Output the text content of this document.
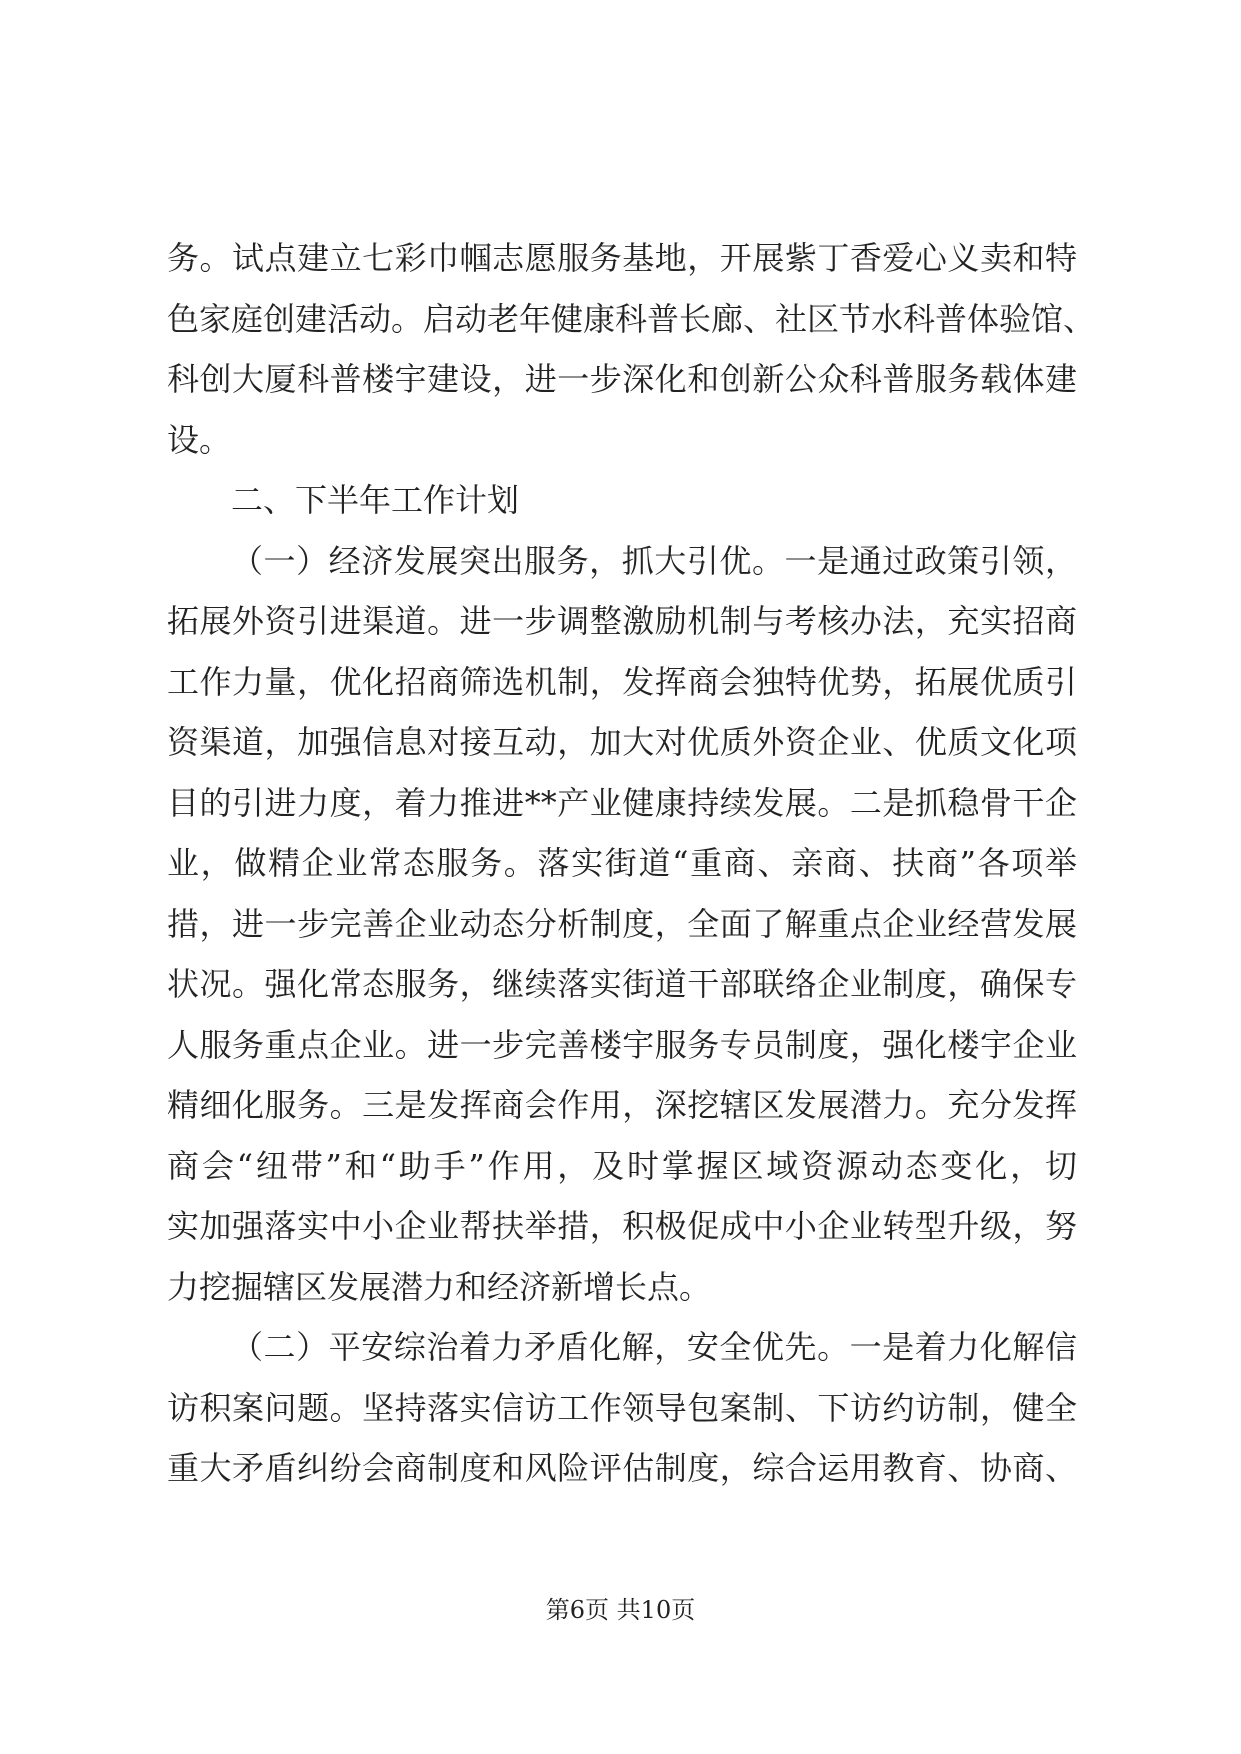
务。试点建立七彩巾帼志愿服务基地，开展紫丁香爱心义卖和特
色家庭创建活动。启动老年健康科普长廊、社区节水科普体验馆、
科创大厦科普楼宇建设，进一步深化和创新公众科普服务载体建
设。
二、下半年工作计划
（一）经济发展突出服务，抓大引优。一是通过政策引领，
拓展外资引进渠道。进一步调整激励机制与考核办法，充实招商
工作力量，优化招商筛选机制，发挥商会独特优势，拓展优质引
资渠道，加强信息对接互动，加大对优质外资企业、优质文化项
目的引进力度，着力推进**产业健康持续发展。二是抓稳骨干企
业，做精企业常态服务。落实街道“重商、亲商、扶商”各项举
措，进一步完善企业动态分析制度，全面了解重点企业经营发展
状况。强化常态服务，继续落实街道干部联络企业制度，确保专
人服务重点企业。进一步完善楼宇服务专员制度，强化楼宇企业
精细化服务。三是发挥商会作用，深挖辖区发展潜力。充分发挥
商会“纽带”和“助手”作用，及时掌握区域资源动态变化，切
实加强落实中小企业帮扶举措，积极促成中小企业转型升级，努
力挖掘辖区发展潜力和经济新增长点。
（二）平安综治着力矛盾化解，安全优先。一是着力化解信
访积案问题。坚持落实信访工作领导包案制、下访约访制，健全
重大矛盾纠纷会商制度和风险评估制度，综合运用教育、协商、
第6页 共10页
